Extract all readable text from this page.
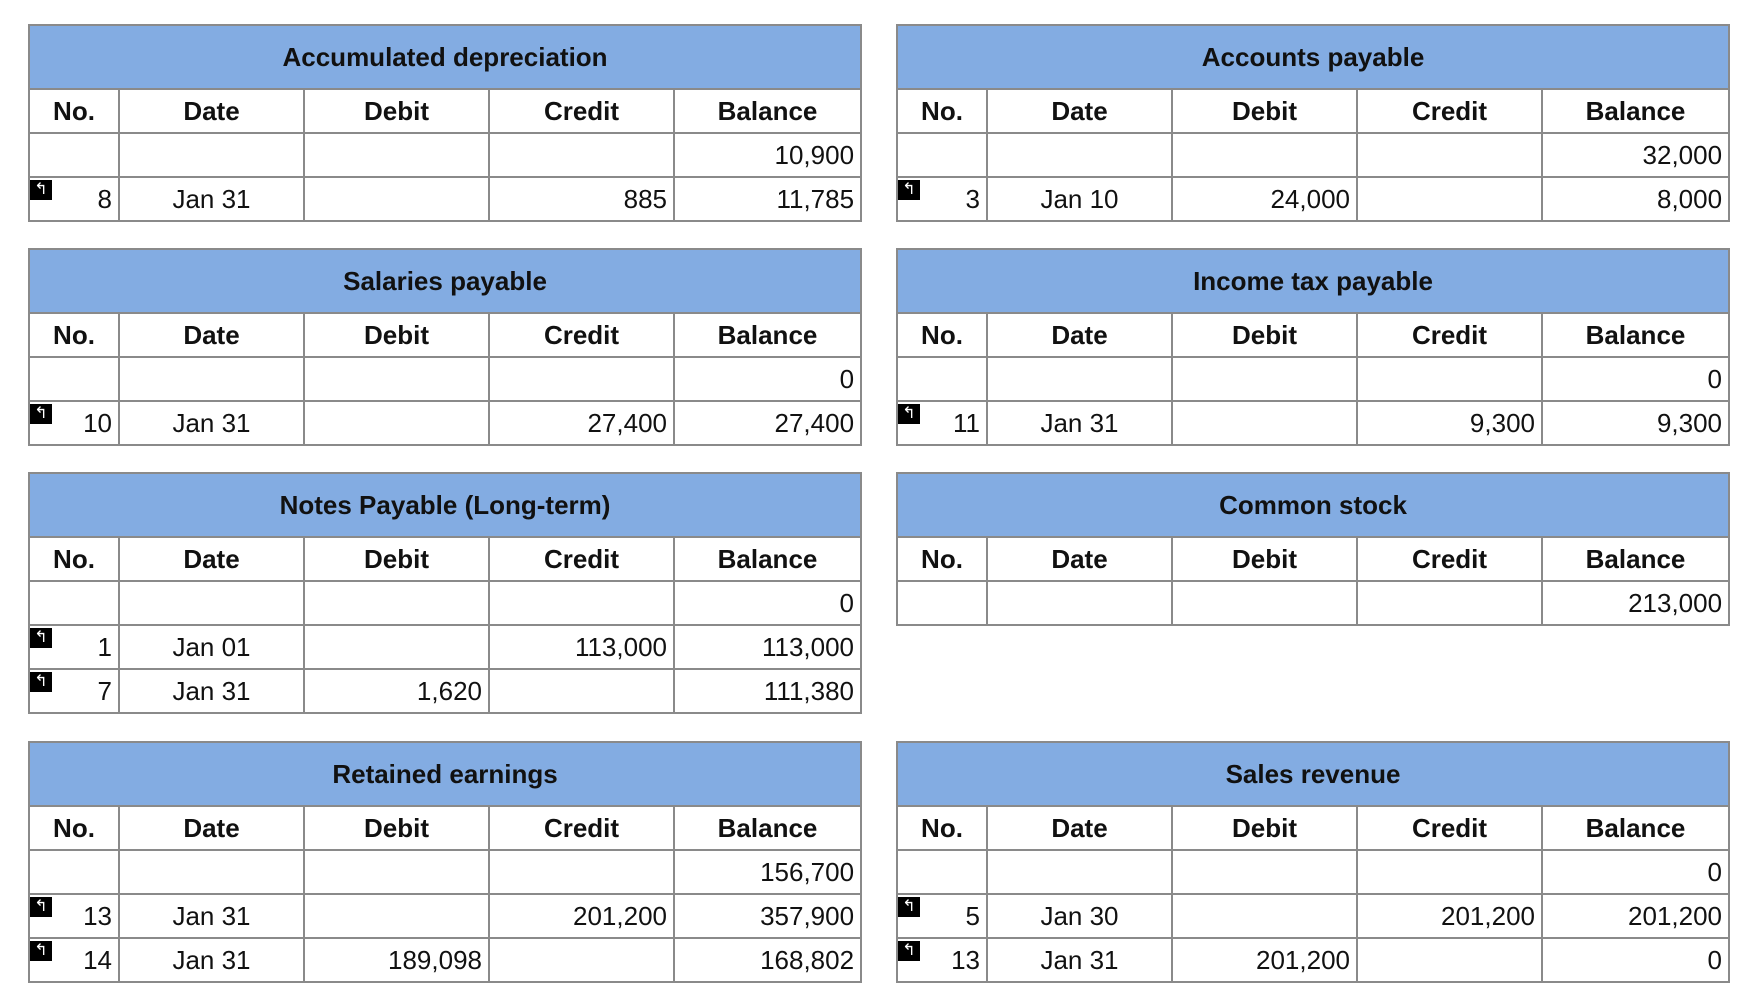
Accumulated depreciation				
No.	Date	Debit	Credit	Balance
				10,900

↰ 8	Jan 31		885	11,785
Accounts payable				
No.	Date	Debit	Credit	Balance
				32,000

↰ 3	Jan 10	24,000		8,000
Salaries payable				
No.	Date	Debit	Credit	Balance
				0

↰ 10	Jan 31		27,400	27,400
Income tax payable				
No.	Date	Debit	Credit	Balance
				0

↰ 11	Jan 31		9,300	9,300
Notes Payable (Long-term)				
No.	Date	Debit	Credit	Balance
				0

↰ 1	Jan 01		113,000	113,000

↰ 7	Jan 31	1,620		111,380
Common stock				
No.	Date	Debit	Credit	Balance
				213,000
Retained earnings				
No.	Date	Debit	Credit	Balance
				156,700

↰ 13	Jan 31		201,200	357,900

↰ 14	Jan 31	189,098		168,802
Sales revenue				
No.	Date	Debit	Credit	Balance
				0

↰ 5	Jan 30		201,200	201,200

↰ 13	Jan 31	201,200		0
